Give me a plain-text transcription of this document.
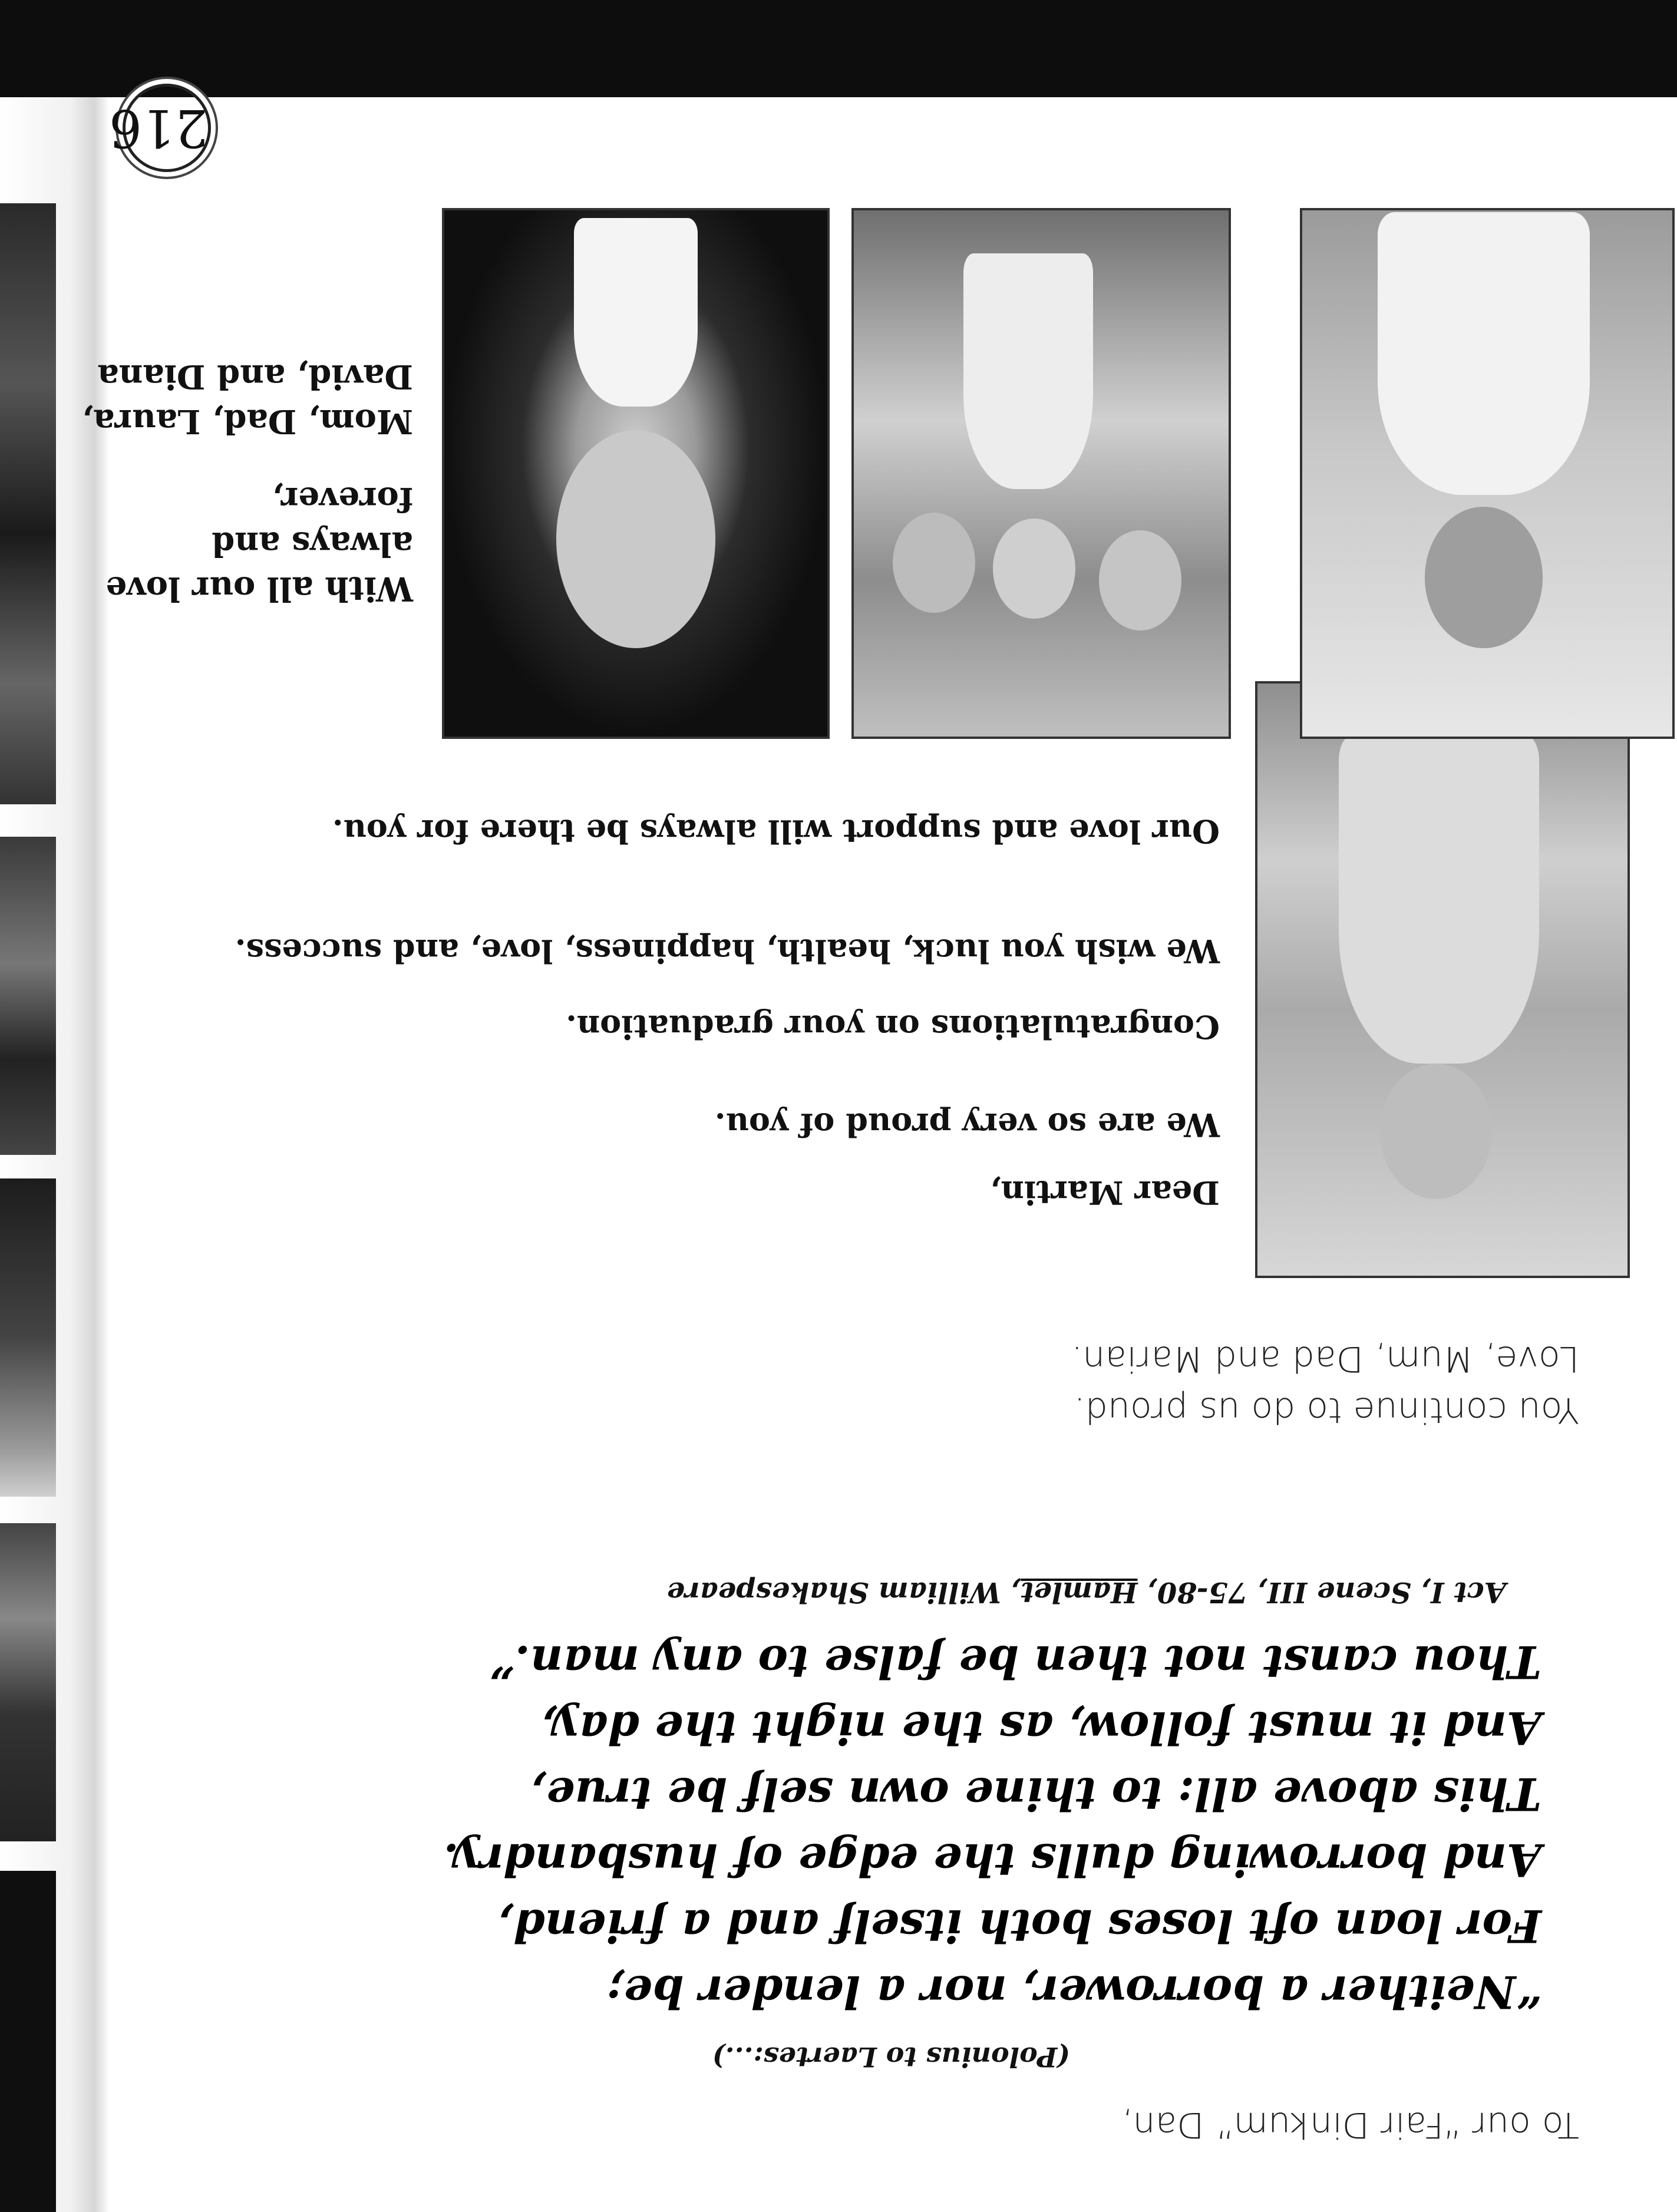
216
With all our love
always and
forever,
Mom, Dad, Laura,
David, and Diana
Dear Martin,
We are so very proud of you.
Congratulations on your graduation.
We wish you luck, health, happiness, love, and success.
Our love and support will always be there for you.
You continue to do us proud.
Love, Mum, Dad and Marian.
Act I, Scene III, 75-80, Hamlet, William Shakespeare
Thou canst not then be false to any man.”
And it must follow, as the night the day,
This above all: to thine own self be true,
And borrowing dulls the edge of husbandry.
For loan oft loses both itself and a friend,
“Neither a borrower, nor a lender be;
(Polonius to Laertes:...)
To our “Fair Dinkum” Dan,
